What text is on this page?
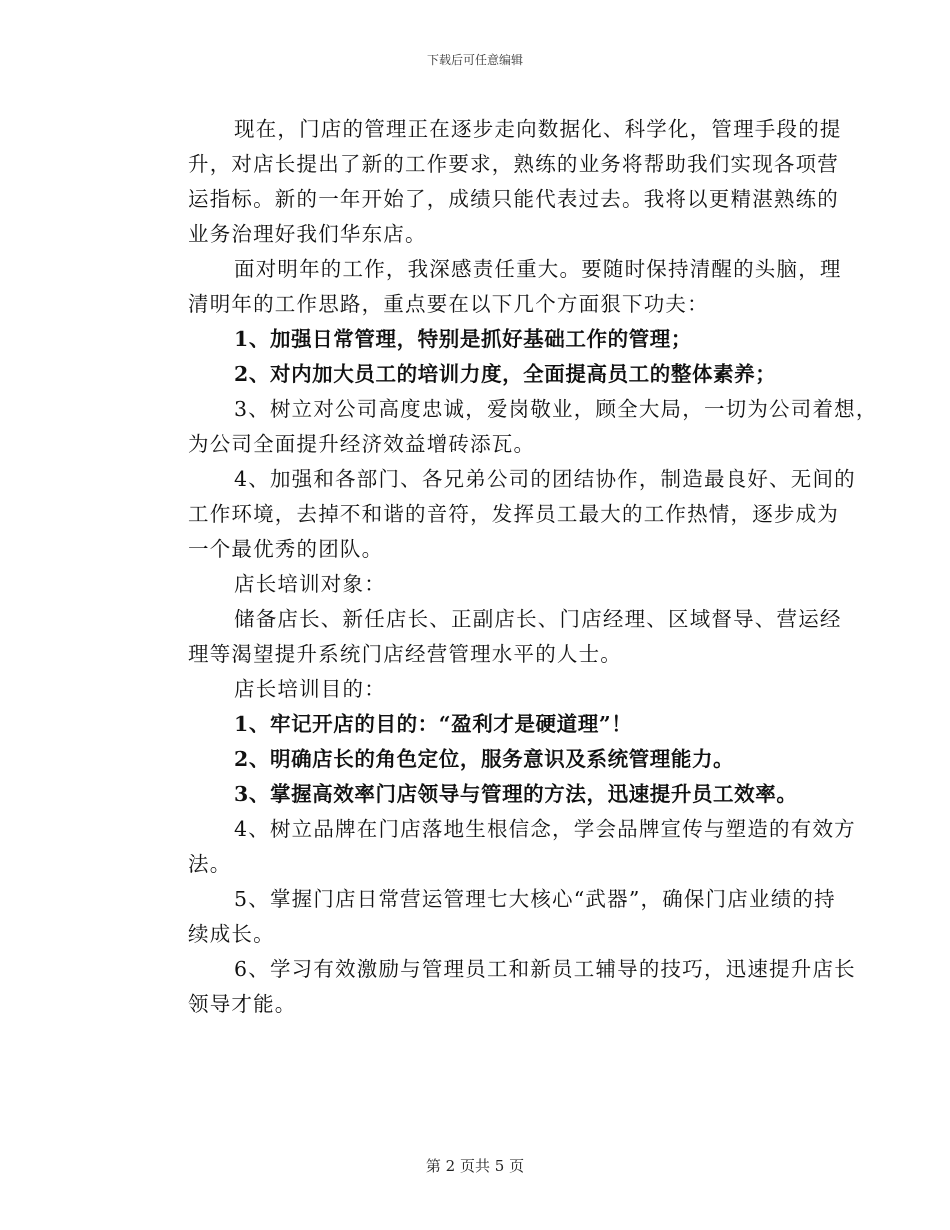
下载后可任意编辑
现在，门店的管理正在逐步走向数据化、科学化，管理手段的提
升，对店长提出了新的工作要求，熟练的业务将帮助我们实现各项营
运指标。新的一年开始了，成绩只能代表过去。我将以更精湛熟练的
业务治理好我们华东店。
面对明年的工作，我深感责任重大。要随时保持清醒的头脑，理
清明年的工作思路，重点要在以下几个方面狠下功夫：
1、加强日常管理，特别是抓好基础工作的管理；
2、对内加大员工的培训力度，全面提高员工的整体素养；
3、树立对公司高度忠诚，爱岗敬业，顾全大局，一切为公司着想，
为公司全面提升经济效益增砖添瓦。
4、加强和各部门、各兄弟公司的团结协作，制造最良好、无间的
工作环境，去掉不和谐的音符，发挥员工最大的工作热情，逐步成为
一个最优秀的团队。
店长培训对象：
储备店长、新任店长、正副店长、门店经理、区域督导、营运经
理等渴望提升系统门店经营管理水平的人士。
店长培训目的：
1、牢记开店的目的：“盈利才是硬道理”！
2、明确店长的角色定位，服务意识及系统管理能力。
3、掌握高效率门店领导与管理的方法，迅速提升员工效率。
4、树立品牌在门店落地生根信念，学会品牌宣传与塑造的有效方
法。
5、掌握门店日常营运管理七大核心“武器”，确保门店业绩的持
续成长。
6、学习有效激励与管理员工和新员工辅导的技巧，迅速提升店长
领导才能。
第 2 页共 5 页
